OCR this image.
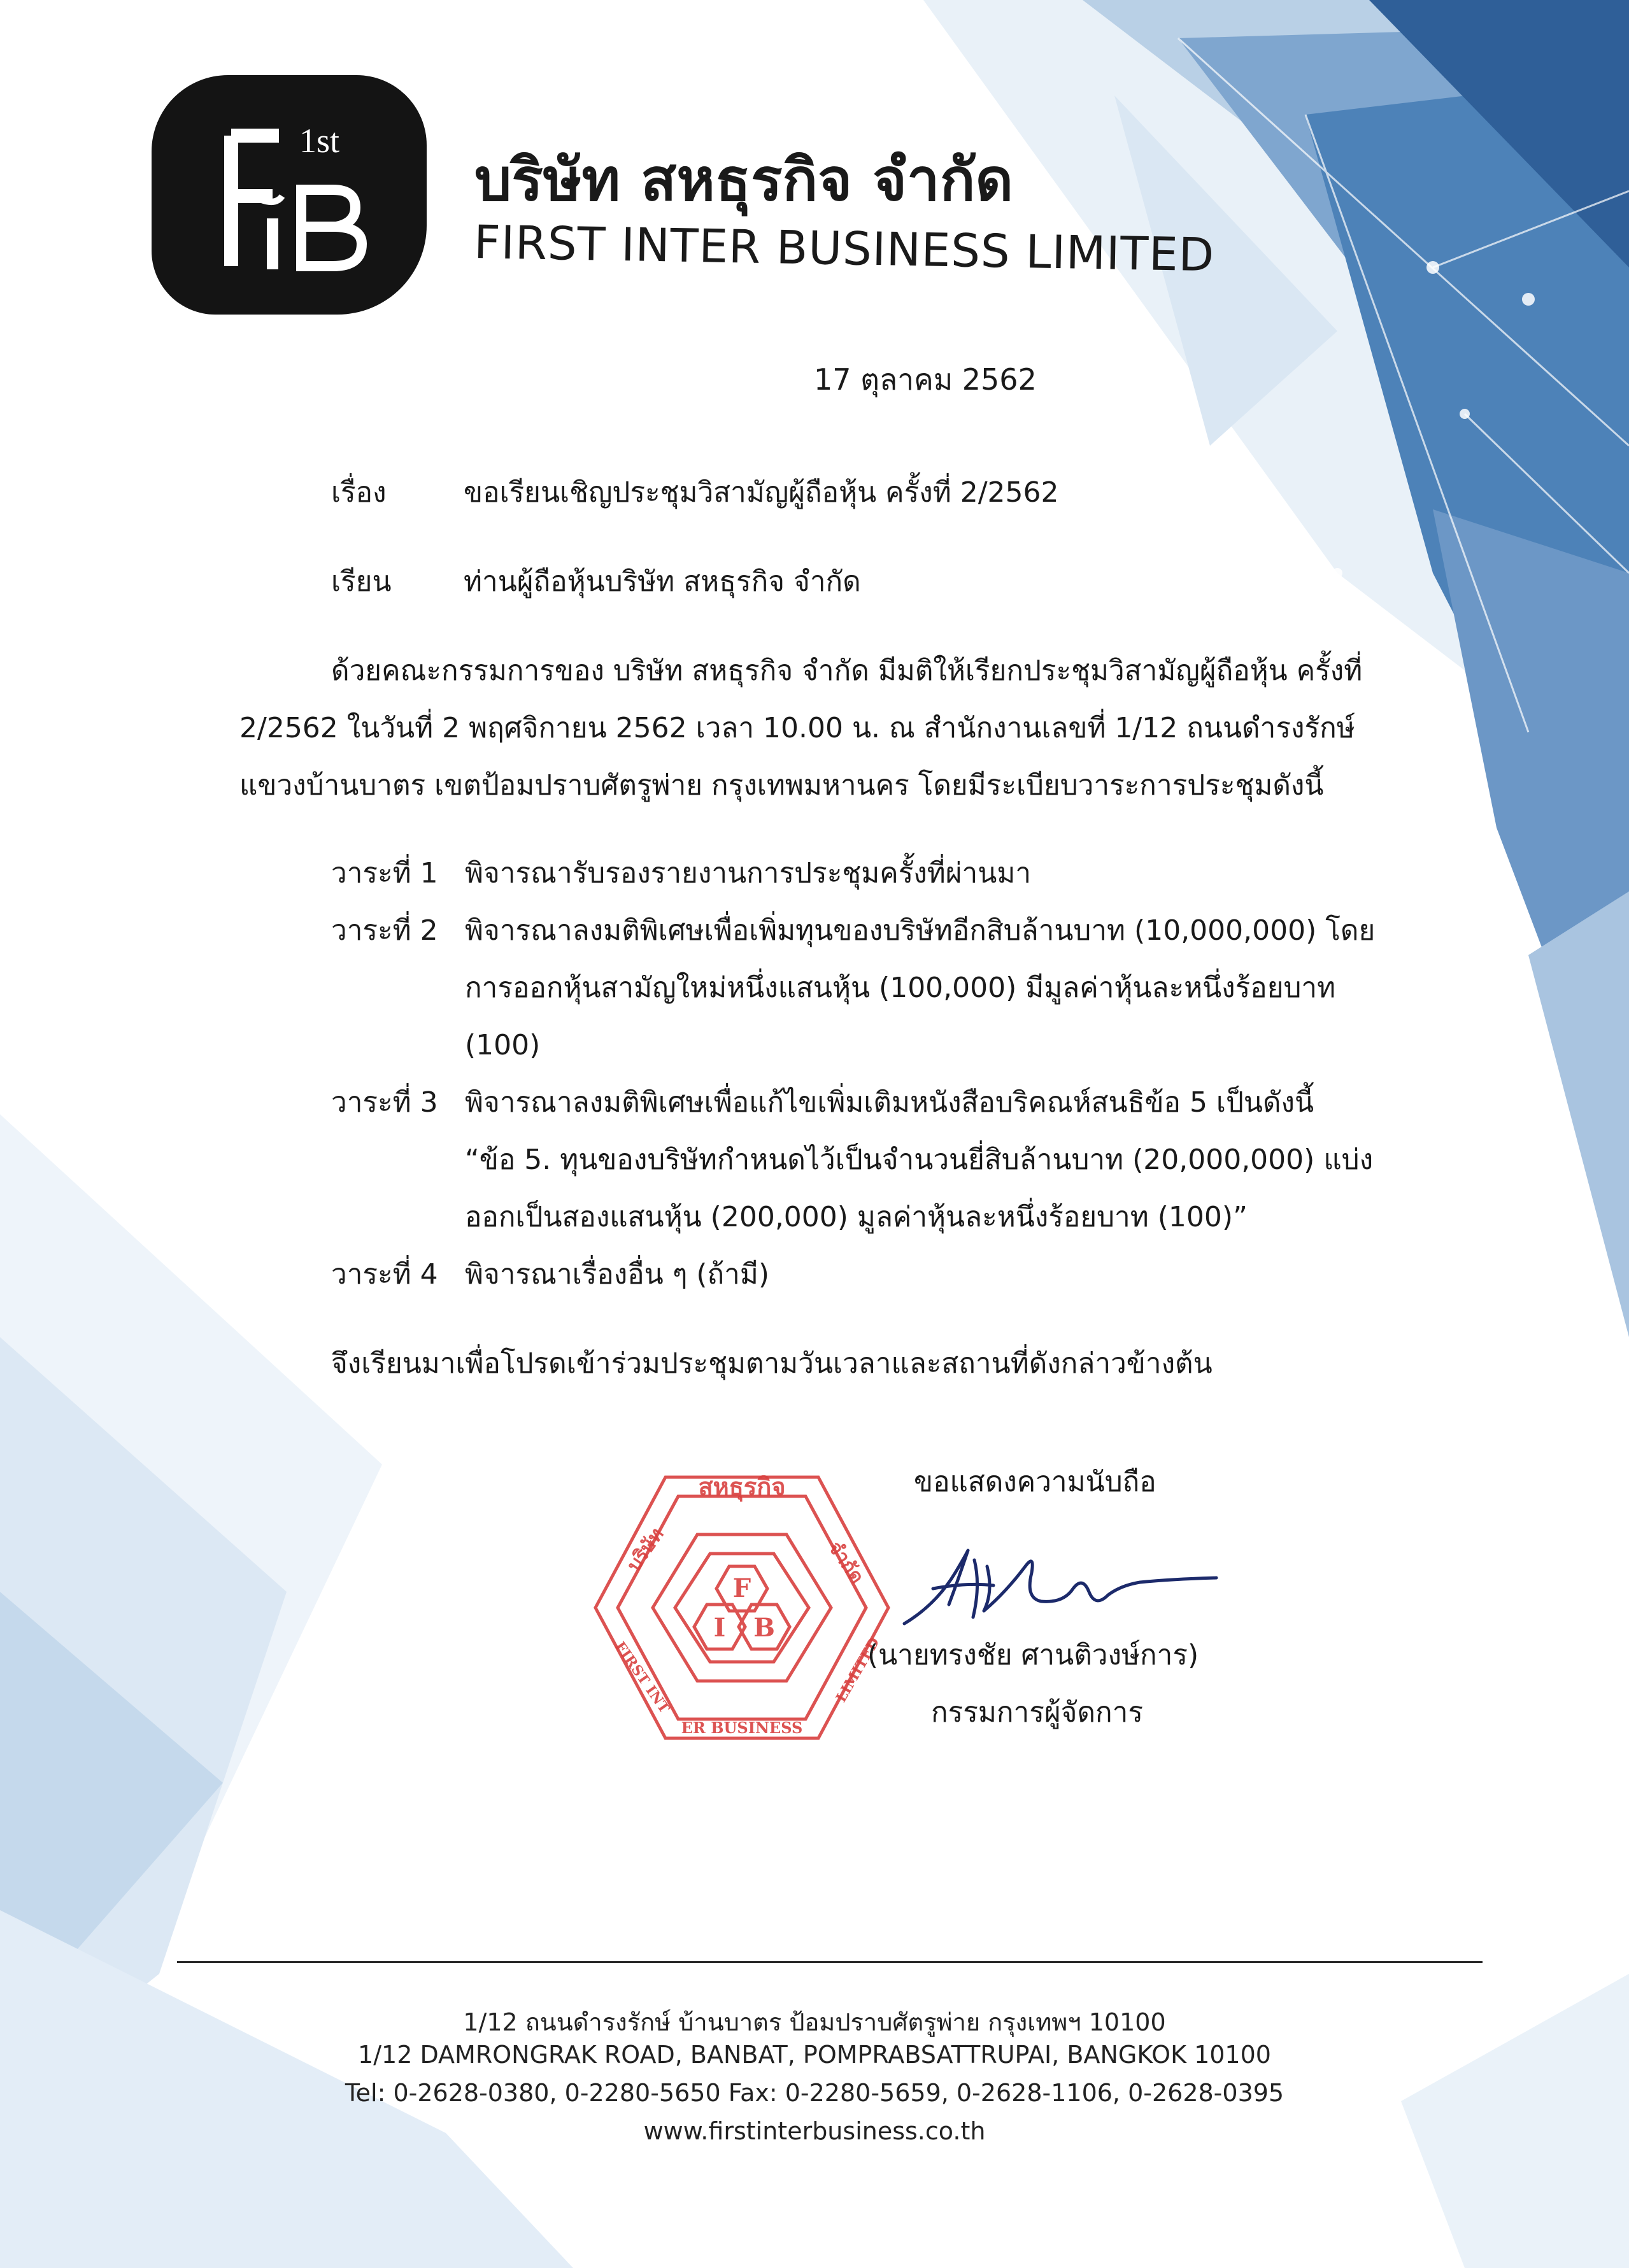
1st
บริษัท สหธุรกิจ จำกัด
FIRST INTER BUSINESS LIMITED
17 ตุลาคม 2562
เรื่อง	ขอเรียนเชิญประชุมวิสามัญผู้ถือหุ้น ครั้งที่ 2/2562
เรียน	ท่านผู้ถือหุ้นบริษัท สหธุรกิจ จำกัด
ด้วยคณะกรรมการของ บริษัท สหธุรกิจ จำกัด มีมติให้เรียกประชุมวิสามัญผู้ถือหุ้น ครั้งที่
2/2562 ในวันที่ 2 พฤศจิกายน 2562 เวลา 10.00 น. ณ สำนักงานเลขที่ 1/12 ถนนดำรงรักษ์
แขวงบ้านบาตร เขตป้อมปราบศัตรูพ่าย กรุงเทพมหานคร โดยมีระเบียบวาระการประชุมดังนี้
วาระที่ 1 พิจารณารับรองรายงานการประชุมครั้งที่ผ่านมา
วาระที่ 2 พิจารณาลงมติพิเศษเพื่อเพิ่มทุนของบริษัทอีกสิบล้านบาท (10,000,000) โดย
การออกหุ้นสามัญใหม่หนึ่งแสนหุ้น (100,000) มีมูลค่าหุ้นละหนึ่งร้อยบาท
(100)
วาระที่ 3 พิจารณาลงมติพิเศษเพื่อแก้ไขเพิ่มเติมหนังสือบริคณห์สนธิข้อ 5 เป็นดังนี้
“ข้อ 5. ทุนของบริษัทกำหนดไว้เป็นจำนวนยี่สิบล้านบาท (20,000,000) แบ่ง
ออกเป็นสองแสนหุ้น (200,000) มูลค่าหุ้นละหนึ่งร้อยบาท (100)”
วาระที่ 4 พิจารณาเรื่องอื่น ๆ (ถ้ามี)
จึงเรียนมาเพื่อโปรดเข้าร่วมประชุมตามวันเวลาและสถานที่ดังกล่าวข้างต้น
ขอแสดงความนับถือ
สหธุรกิจ
บริษัท	จำกัด
FIRST INT
ER BUSINESS
LIMITED
F
I B
(นายทรงชัย ศานติวงษ์การ)
กรรมการผู้จัดการ
1/12 ถนนดำรงรักษ์ บ้านบาตร ป้อมปราบศัตรูพ่าย กรุงเทพฯ 10100
1/12 DAMRONGRAK ROAD, BANBAT, POMPRABSATTRUPAI, BANGKOK 10100
Tel: 0-2628-0380, 0-2280-5650 Fax: 0-2280-5659, 0-2628-1106, 0-2628-0395
www.firstinterbusiness.co.th
